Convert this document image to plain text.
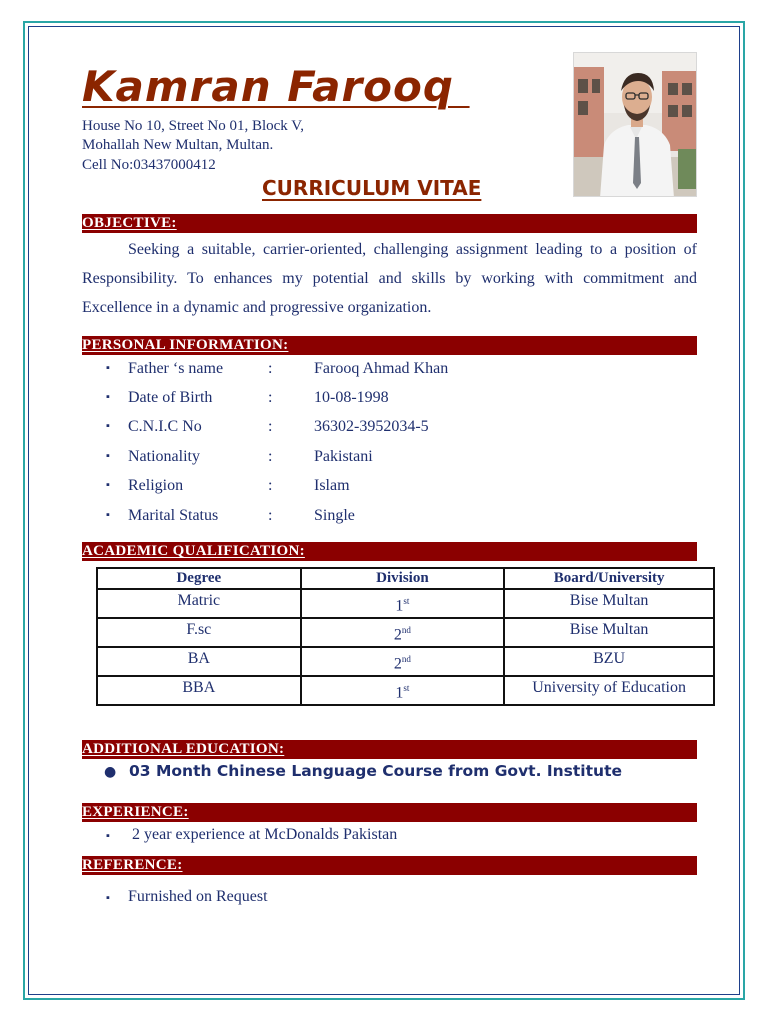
Kamran Farooq
House No 10, Street No 01, Block V,
Mohallah New Multan, Multan.
Cell No:03437000412
CURRICULUM VITAE
OBJECTIVE:
Seeking a suitable, carrier-oriented, challenging assignment leading to a position of Responsibility. To enhances my potential and skills by working with commitment and Excellence in a dynamic and progressive organization.
PERSONAL INFORMATION:
▪ Father ‘s name	:	Farooq Ahmad Khan
▪ Date of Birth	:	10-08-1998
▪ C.N.I.C No	:	36302-3952034-5
▪ Nationality	:	Pakistani
▪ Religion	:	Islam
▪ Marital Status	:	Single
ACADEMIC QUALIFICATION:
Degree	Division	Board/University
Matric	1st	Bise Multan
F.sc	2nd	Bise Multan
BA	2nd	BZU
BBA	1st	University of Education
ADDITIONAL EDUCATION:
● 03 Month Chinese Language Course from Govt. Institute
EXPERIENCE:
▪ 2 year experience at McDonalds Pakistan
REFERENCE:
▪ Furnished on Request
